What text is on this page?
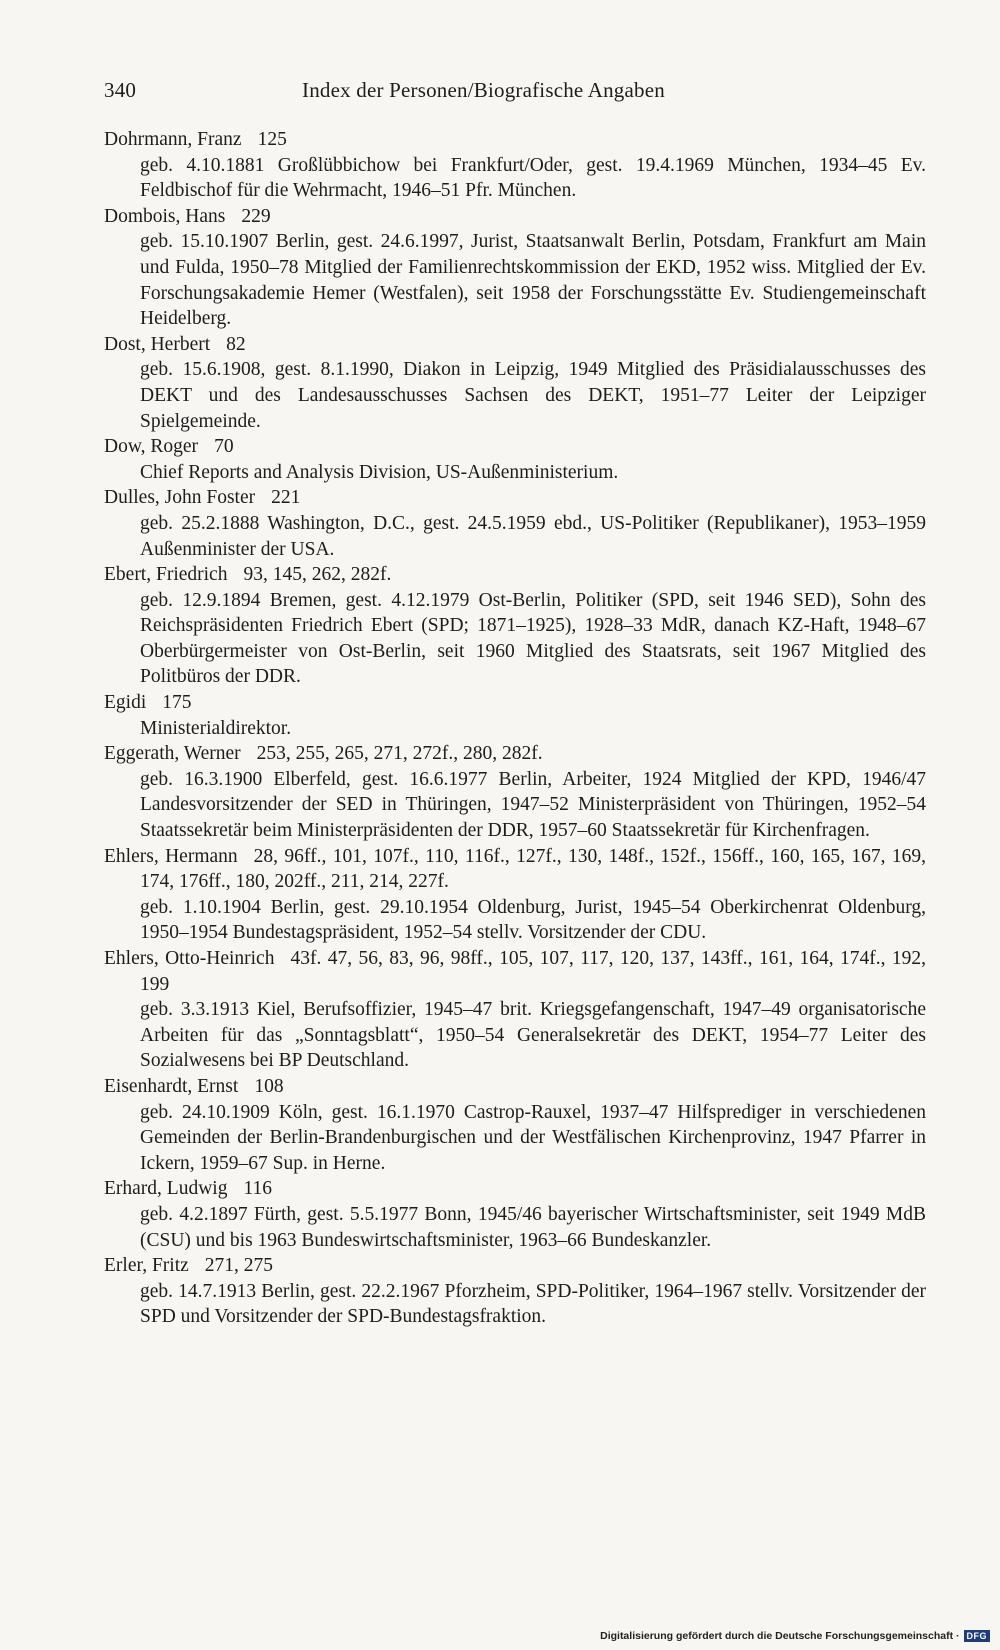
340	Index der Personen/Biografische Angaben
Dohrmann, Franz 125
geb. 4.10.1881 Großlübbichow bei Frankfurt/Oder, gest. 19.4.1969 München, 1934–45 Ev. Feldbischof für die Wehrmacht, 1946–51 Pfr. München.
Dombois, Hans 229
geb. 15.10.1907 Berlin, gest. 24.6.1997, Jurist, Staatsanwalt Berlin, Potsdam, Frankfurt am Main und Fulda, 1950–78 Mitglied der Familienrechtskommission der EKD, 1952 wiss. Mitglied der Ev. Forschungsakademie Hemer (Westfalen), seit 1958 der Forschungsstätte Ev. Studiengemeinschaft Heidelberg.
Dost, Herbert 82
geb. 15.6.1908, gest. 8.1.1990, Diakon in Leipzig, 1949 Mitglied des Präsidialausschusses des DEKT und des Landesausschusses Sachsen des DEKT, 1951–77 Leiter der Leipziger Spielgemeinde.
Dow, Roger 70
Chief Reports and Analysis Division, US-Außenministerium.
Dulles, John Foster 221
geb. 25.2.1888 Washington, D.C., gest. 24.5.1959 ebd., US-Politiker (Republikaner), 1953–1959 Außenminister der USA.
Ebert, Friedrich 93, 145, 262, 282f.
geb. 12.9.1894 Bremen, gest. 4.12.1979 Ost-Berlin, Politiker (SPD, seit 1946 SED), Sohn des Reichspräsidenten Friedrich Ebert (SPD; 1871–1925), 1928–33 MdR, danach KZ-Haft, 1948–67 Oberbürgermeister von Ost-Berlin, seit 1960 Mitglied des Staatsrats, seit 1967 Mitglied des Politbüros der DDR.
Egidi 175
Ministerialdirektor.
Eggerath, Werner 253, 255, 265, 271, 272f., 280, 282f.
geb. 16.3.1900 Elberfeld, gest. 16.6.1977 Berlin, Arbeiter, 1924 Mitglied der KPD, 1946/47 Landesvorsitzender der SED in Thüringen, 1947–52 Ministerpräsident von Thüringen, 1952–54 Staatssekretär beim Ministerpräsidenten der DDR, 1957–60 Staatssekretär für Kirchenfragen.
Ehlers, Hermann 28, 96ff., 101, 107f., 110, 116f., 127f., 130, 148f., 152f., 156ff., 160, 165, 167, 169, 174, 176ff., 180, 202ff., 211, 214, 227f.
geb. 1.10.1904 Berlin, gest. 29.10.1954 Oldenburg, Jurist, 1945–54 Oberkirchenrat Oldenburg, 1950–1954 Bundestagspräsident, 1952–54 stellv. Vorsitzender der CDU.
Ehlers, Otto-Heinrich 43f. 47, 56, 83, 96, 98ff., 105, 107, 117, 120, 137, 143ff., 161, 164, 174f., 192, 199
geb. 3.3.1913 Kiel, Berufsoffizier, 1945–47 brit. Kriegsgefangenschaft, 1947–49 organisatorische Arbeiten für das „Sonntagsblatt“, 1950–54 Generalsekretär des DEKT, 1954–77 Leiter des Sozialwesens bei BP Deutschland.
Eisenhardt, Ernst 108
geb. 24.10.1909 Köln, gest. 16.1.1970 Castrop-Rauxel, 1937–47 Hilfsprediger in verschiedenen Gemeinden der Berlin-Brandenburgischen und der Westfälischen Kirchenprovinz, 1947 Pfarrer in Ickern, 1959–67 Sup. in Herne.
Erhard, Ludwig 116
geb. 4.2.1897 Fürth, gest. 5.5.1977 Bonn, 1945/46 bayerischer Wirtschaftsminister, seit 1949 MdB (CSU) und bis 1963 Bundeswirtschaftsminister, 1963–66 Bundeskanzler.
Erler, Fritz 271, 275
geb. 14.7.1913 Berlin, gest. 22.2.1967 Pforzheim, SPD-Politiker, 1964–1967 stellv. Vorsitzender der SPD und Vorsitzender der SPD-Bundestagsfraktion.
Digitalisierung gefördert durch die Deutsche Forschungsgemeinschaft · DFG
